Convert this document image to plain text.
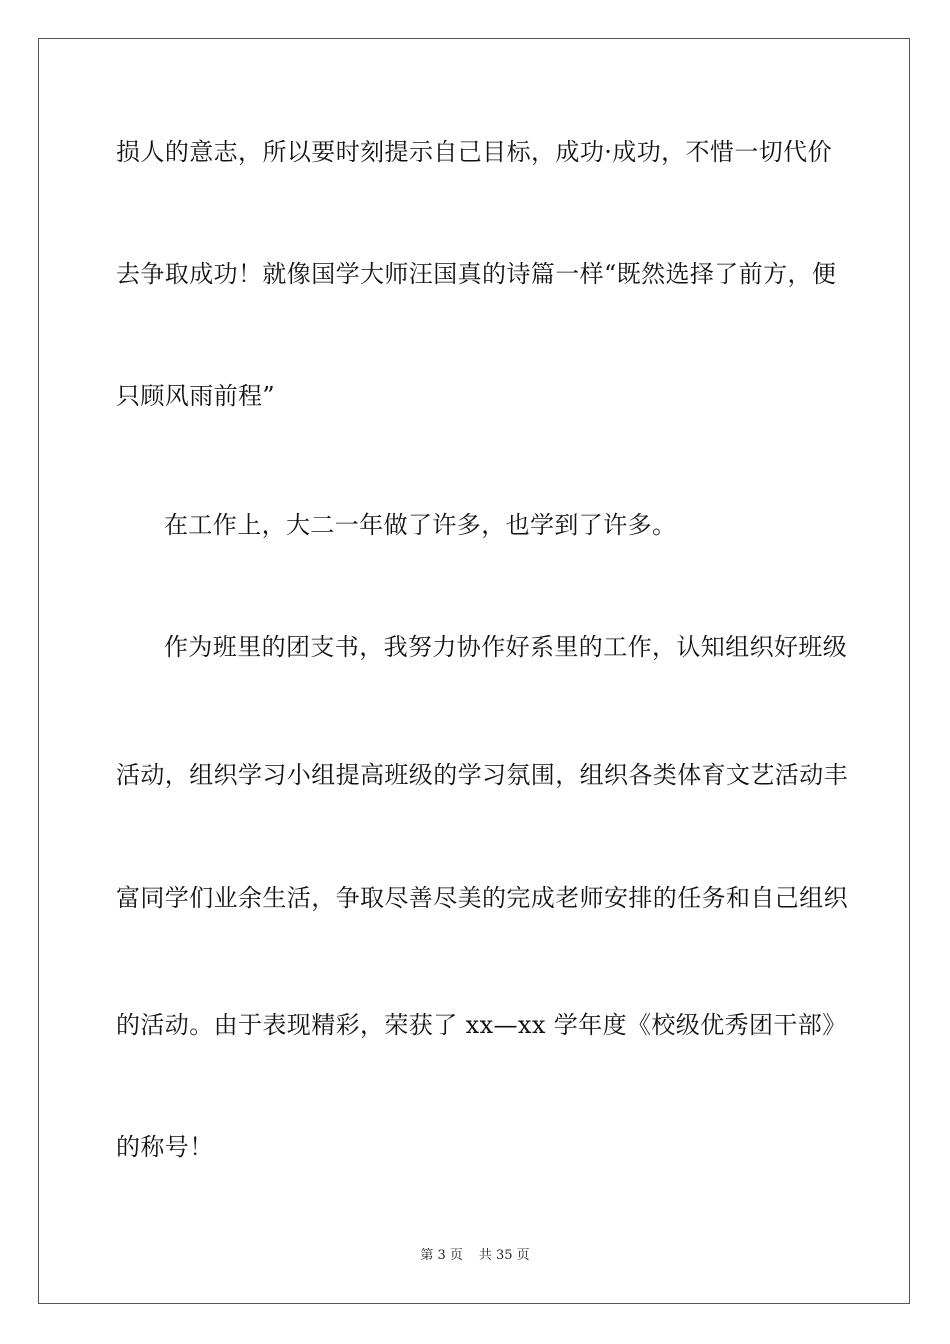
损人的意志，所以要时刻提示自己目标，成功·成功，不惜一切代价
去争取成功！就像国学大师汪国真的诗篇一样“既然选择了前方，便
只顾风雨前程”
在工作上，大二一年做了许多，也学到了许多。
作为班里的团支书，我努力协作好系里的工作，认知组织好班级
活动，组织学习小组提高班级的学习氛围，组织各类体育文艺活动丰
富同学们业余生活，争取尽善尽美的完成老师安排的任务和自己组织
的活动。由于表现精彩，荣获了 xx—xx 学年度《校级优秀团干部》
的称号！
第 3 页 共 35 页
